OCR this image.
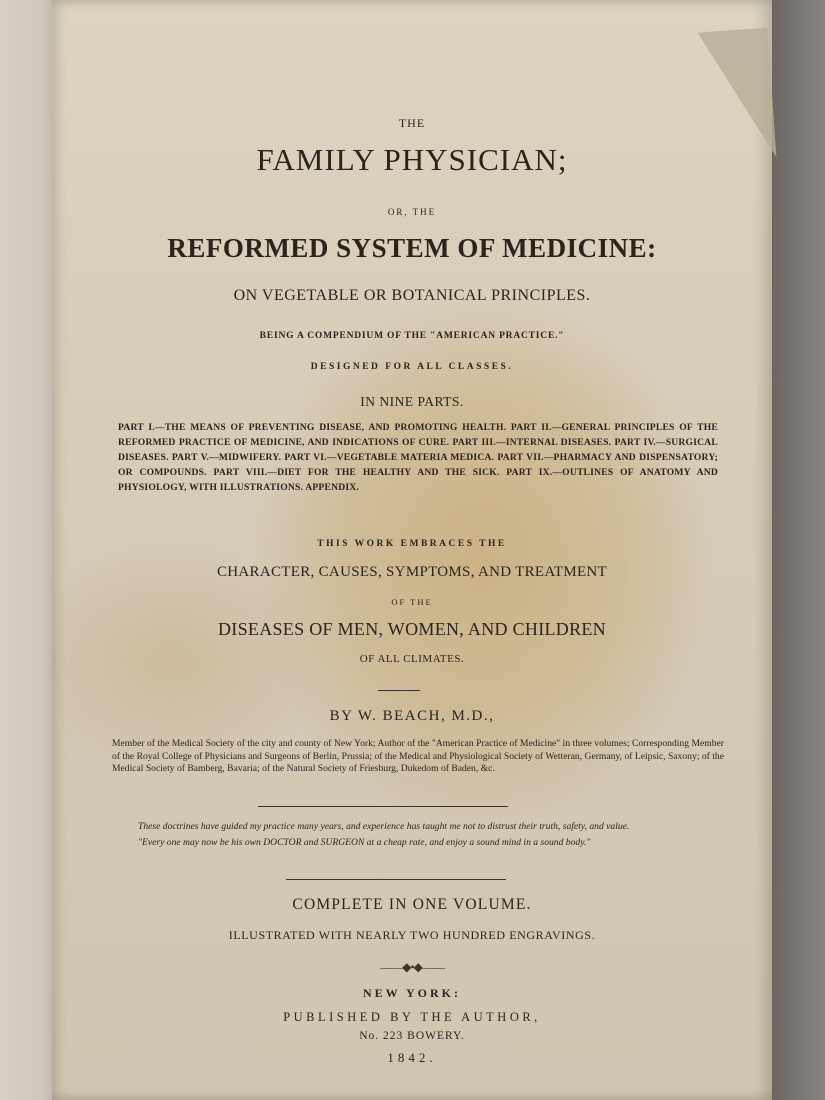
THE
FAMILY PHYSICIAN;
OR, THE
REFORMED SYSTEM OF MEDICINE:
ON VEGETABLE OR BOTANICAL PRINCIPLES.
BEING A COMPENDIUM OF THE "AMERICAN PRACTICE."
DESIGNED FOR ALL CLASSES.
IN NINE PARTS.
PART I.—THE MEANS OF PREVENTING DISEASE, AND PROMOTING HEALTH. PART II.—GENERAL PRINCIPLES OF THE REFORMED PRACTICE OF MEDICINE, AND INDICATIONS OF CURE. PART III.—INTERNAL DISEASES. PART IV.—SURGICAL DISEASES. PART V.—MIDWIFERY. PART VI.—VEGETABLE MATERIA MEDICA. PART VII.—PHARMACY AND DISPENSATORY; OR COMPOUNDS. PART VIII.—DIET FOR THE HEALTHY AND THE SICK. PART IX.—OUTLINES OF ANATOMY AND PHYSIOLOGY, WITH ILLUSTRATIONS. APPENDIX.
THIS WORK EMBRACES THE
CHARACTER, CAUSES, SYMPTOMS, AND TREATMENT
OF THE
DISEASES OF MEN, WOMEN, AND CHILDREN
OF ALL CLIMATES.
BY W. BEACH, M.D.,
Member of the Medical Society of the city and county of New York; Author of the "American Practice of Medicine" in three volumes; Corresponding Member of the Royal College of Physicians and Surgeons of Berlin, Prussia; of the Medical and Physiological Society of Wetteran, Germany, of Leipsic, Saxony; of the Medical Society of Bamberg, Bavaria; of the Natural Society of Friesburg, Dukedom of Baden, &c.

These doctrines have guided my practice many years, and experience has taught me not to distrust their truth, safety, and value.

"Every one may now be his own DOCTOR and SURGEON at a cheap rate, and enjoy a sound mind in a sound body."

COMPLETE IN ONE VOLUME.
ILLUSTRATED WITH NEARLY TWO HUNDRED ENGRAVINGS.
——◆•◆——
NEW YORK:
PUBLISHED BY THE AUTHOR,
No. 223 BOWERY.
1842.
